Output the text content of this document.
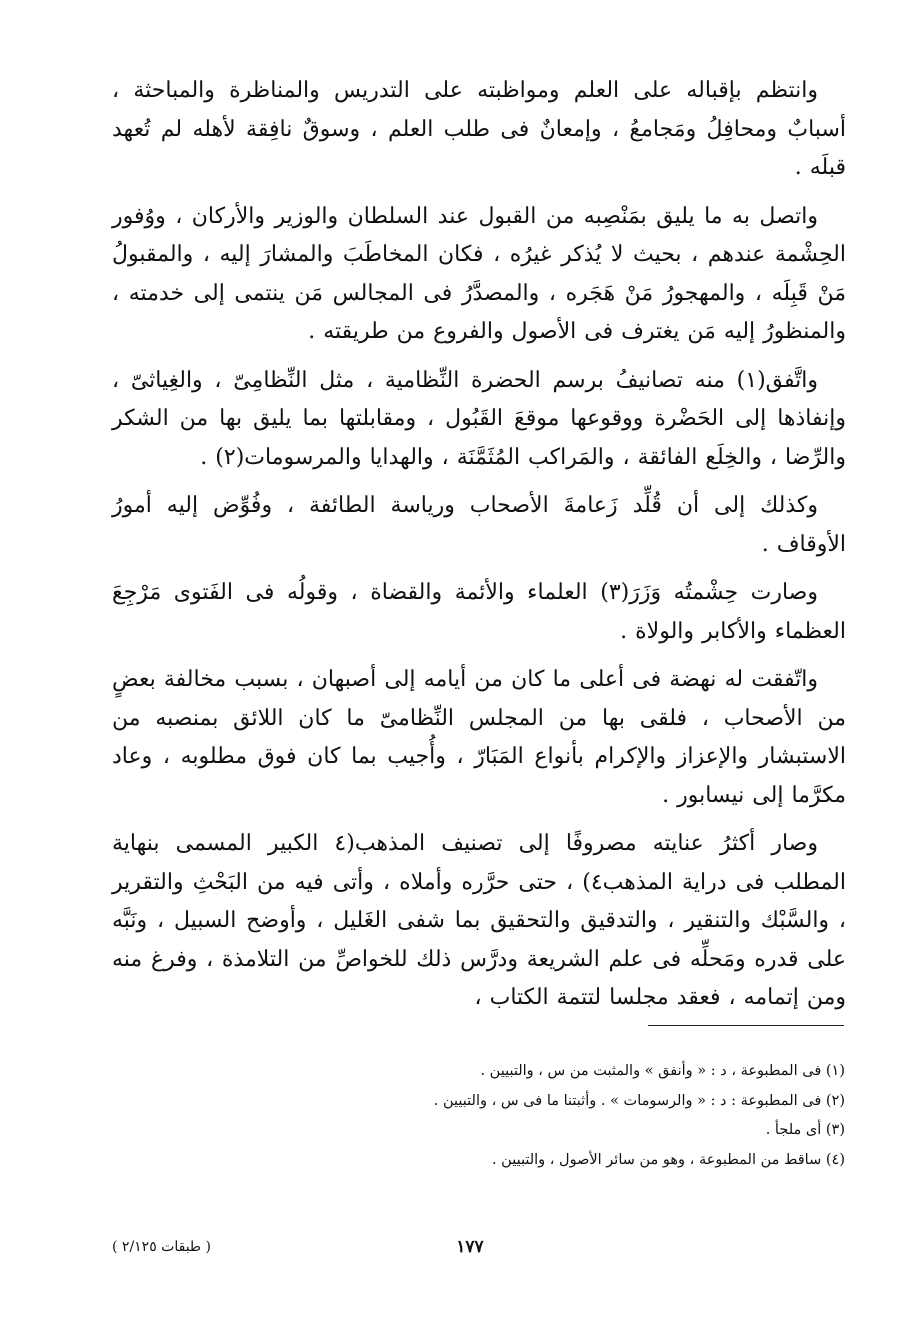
وانتظم بإقباله على العلم ومواظبته على التدريس والمناظرة والمباحثة ، أسبابٌ ومحافِلُ ومَجامعُ ، وإمعانٌ فى طلب العلم ، وسوقٌ نافِقة لأهله لم تُعهد قبلَه .

واتصل به ما يليق بمَنْصِبه من القبول عند السلطان والوزير والأركان ، ووُفور الحِشْمة عندهم ، بحيث لا يُذكر غيرُه ، فكان المخاطَبَ والمشارَ إليه ، والمقبولُ مَنْ قَبِلَه ، والمهجورُ مَنْ هَجَره ، والمصدَّرُ فى المجالس مَن ينتمى إلى خدمته ، والمنظورُ إليه مَن يغترف فى الأصول والفروع من طريقته .

واتَّفق(١) منه تصانيفُ برسم الحضرة النِّظامية ، مثل النِّظامِىّ ، والغِياثىّ ، وإنفاذها إلى الحَضْرة ووقوعها موقعَ القَبُول ، ومقابلتها بما يليق بها من الشكر والرِّضا ، والخِلَع الفائقة ، والمَراكب المُثَمَّنَة ، والهدايا والمرسومات(٢) .

وكذلك إلى أن قُلِّد زَعامةَ الأصحاب ورياسة الطائفة ، وفُوِّض إليه أمورُ الأوقاف .

وصارت حِشْمتُه وَزَرَ(٣) العلماء والأئمة والقضاة ، وقولُه فى الفَتوى مَرْجِعَ العظماء والأكابر والولاة .

واتّفقت له نهضة فى أعلى ما كان من أيامه إلى أصبهان ، بسبب مخالفة بعضٍ من الأصحاب ، فلقى بها من المجلس النِّظامىّ ما كان اللائق بمنصبه من الاستبشار والإعزاز والإكرام بأنواع المَبَارّ ، وأُجيب بما كان فوق مطلوبه ، وعاد مكرَّما إلى نيسابور .

وصار أكثرُ عنايته مصروفًا إلى تصنيف المذهب(٤ الكبير المسمى بنهاية المطلب فى دراية المذهب٤) ، حتى حرَّره وأملاه ، وأتى فيه من البَحْثِ والتقرير ، والسَّبْك والتنقير ، والتدقيق والتحقيق بما شفى الغَليل ، وأوضح السبيل ، ونَبَّه على قدره ومَحلِّه فى علم الشريعة ودرَّس ذلك للخواصِّ من التلامذة ، وفرغ منه ومن إتمامه ، فعقد مجلسا لتتمة الكتاب ،

(١) فى المطبوعة ، د : « وأنفق » والمثبت من س ، والتبيين .

(٢) فى المطبوعة : د : « والرسومات » . وأثبتنا ما فى س ، والتبيين .

(٣) أى ملجأ .

(٤) ساقط من المطبوعة ، وهو من سائر الأصول ، والتبيين .

١٧٧
( طبقات ٢/١٢٥ )
